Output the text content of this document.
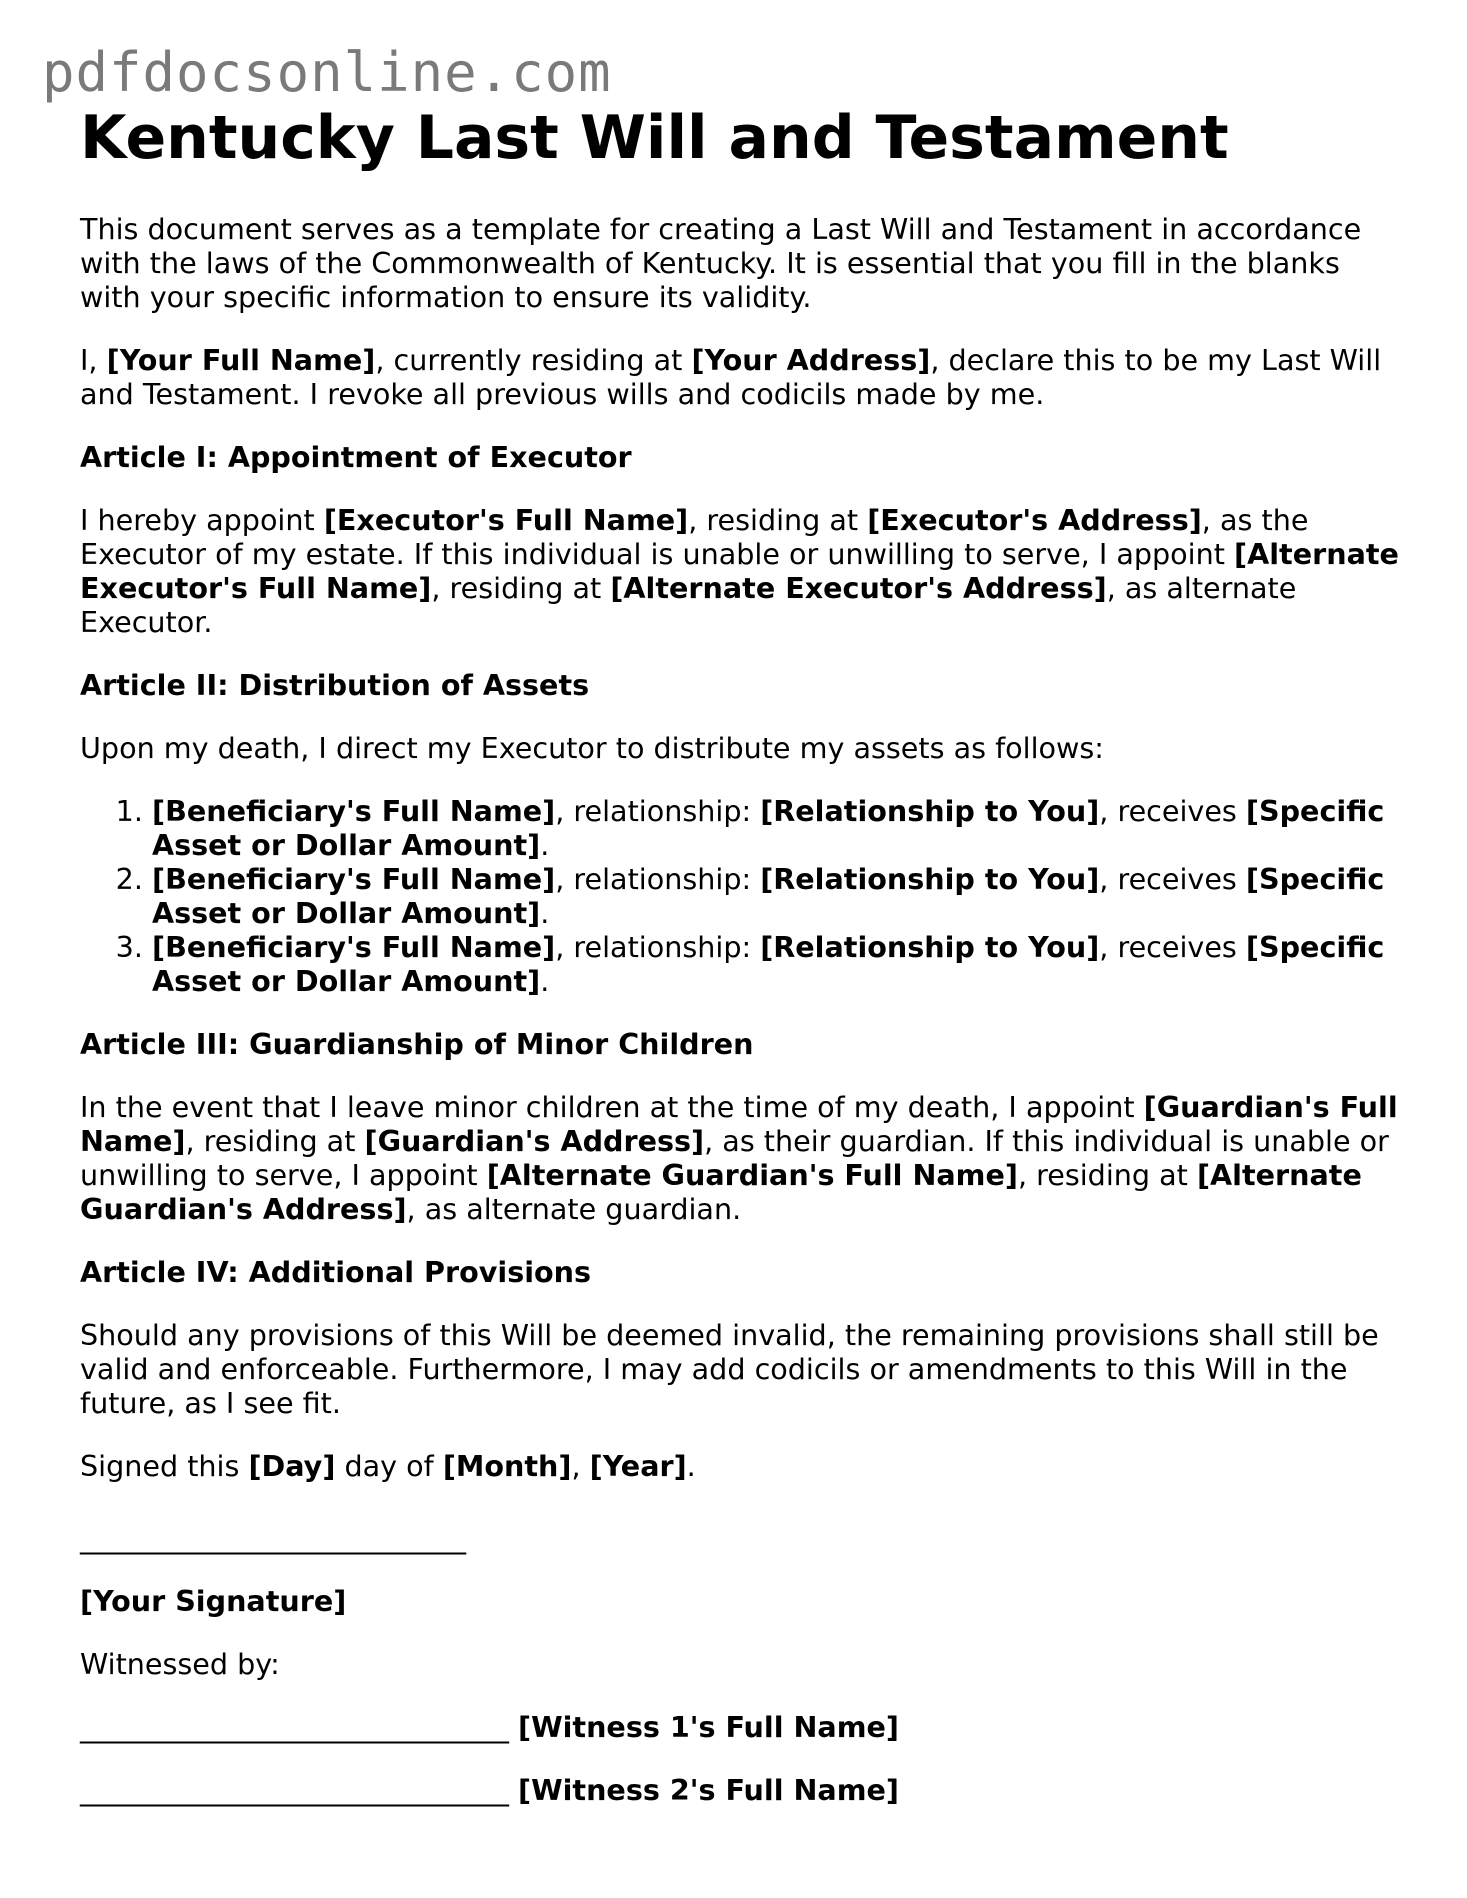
pdfdocsonline.com
Kentucky Last Will and Testament

This document serves as a template for creating a Last Will and Testament in accordance with the laws of the Commonwealth of Kentucky. It is essential that you fill in the blanks with your specific information to ensure its validity.

I, [Your Full Name], currently residing at [Your Address], declare this to be my Last Will and Testament. I revoke all previous wills and codicils made by me.

Article I: Appointment of Executor

I hereby appoint [Executor's Full Name], residing at [Executor's Address], as the Executor of my estate. If this individual is unable or unwilling to serve, I appoint [Alternate Executor's Full Name], residing at [Alternate Executor's Address], as alternate Executor.

Article II: Distribution of Assets

Upon my death, I direct my Executor to distribute my assets as follows:

1. [Beneficiary's Full Name], relationship: [Relationship to You], receives [Specific Asset or Dollar Amount].
2. [Beneficiary's Full Name], relationship: [Relationship to You], receives [Specific Asset or Dollar Amount].
3. [Beneficiary's Full Name], relationship: [Relationship to You], receives [Specific Asset or Dollar Amount].

Article III: Guardianship of Minor Children

In the event that I leave minor children at the time of my death, I appoint [Guardian's Full Name], residing at [Guardian's Address], as their guardian. If this individual is unable or unwilling to serve, I appoint [Alternate Guardian's Full Name], residing at [Alternate Guardian's Address], as alternate guardian.

Article IV: Additional Provisions

Should any provisions of this Will be deemed invalid, the remaining provisions shall still be valid and enforceable. Furthermore, I may add codicils or amendments to this Will in the future, as I see fit.

Signed this [Day] day of [Month], [Year].

___________________________

[Your Signature]

Witnessed by:

______________________________ [Witness 1's Full Name]

______________________________ [Witness 2's Full Name]
